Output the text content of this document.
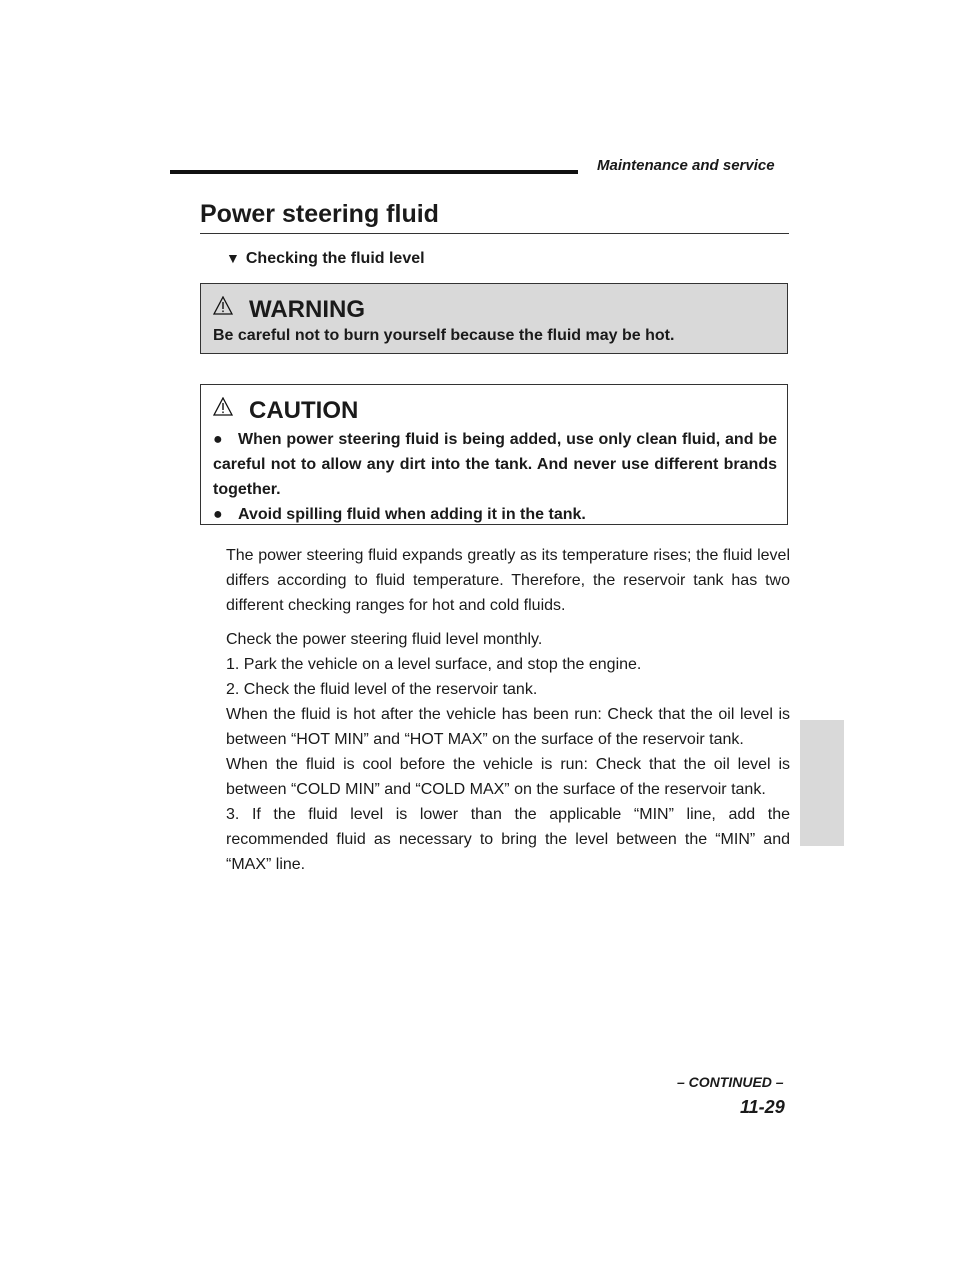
Maintenance and service
Power steering fluid
▼ Checking the fluid level
WARNING
Be careful not to burn yourself because the fluid may be hot.
CAUTION
● When power steering fluid is being added, use only clean fluid, and be careful not to allow any dirt into the tank. And never use different brands together.
● Avoid spilling fluid when adding it in the tank.

The power steering fluid expands greatly as its temperature rises; the fluid level differs according to fluid temperature. Therefore, the reservoir tank has two different checking ranges for hot and cold fluids.

Check the power steering fluid level monthly.
1. Park the vehicle on a level surface, and stop the engine.
2. Check the fluid level of the reservoir tank.
When the fluid is hot after the vehicle has been run: Check that the oil level is between “HOT MIN” and “HOT MAX” on the surface of the reservoir tank.
When the fluid is cool before the vehicle is run: Check that the oil level is between “COLD MIN” and “COLD MAX” on the surface of the reservoir tank.
3. If the fluid level is lower than the applicable “MIN” line, add the recommended fluid as necessary to bring the level between the “MIN” and “MAX” line.

– CONTINUED –
11-29
